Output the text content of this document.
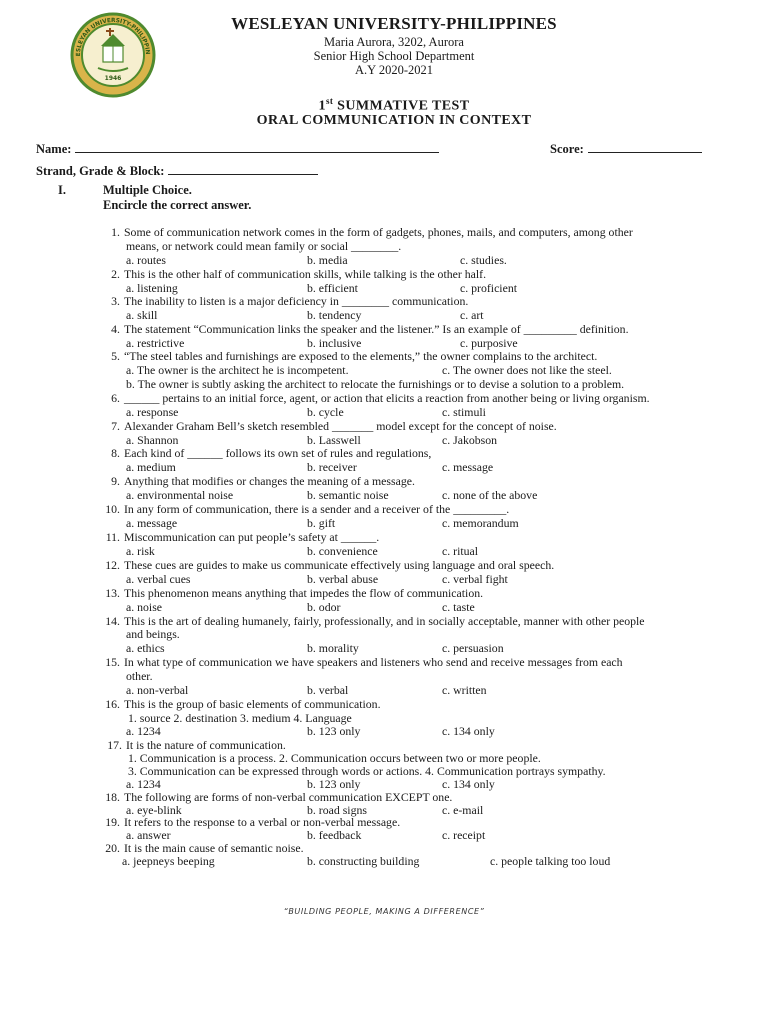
ESLEYAN UNIVERSITY-PHILIPPIN
1946
WESLEYAN UNIVERSITY-PHILIPPINES
Maria Aurora, 3202, Aurora
Senior High School Department
A.Y 2020-2021
1st SUMMATIVE TEST
ORAL COMMUNICATION IN CONTEXT
Name:	Score:
Strand, Grade & Block:
I.	Multiple Choice.
Encircle the correct answer.
1. Some of communication network comes in the form of gadgets, phones, mails, and computers, among other
means, or network could mean family or social ________.
a. routes	b. media	c. studies.
2. This is the other half of communication skills, while talking is the other half.
a. listening	b. efficient	c. proficient
3. The inability to listen is a major deficiency in ________ communication.
a. skill	b. tendency	c. art
4. The statement “Communication links the speaker and the listener.” Is an example of _________ definition.
a. restrictive	b. inclusive	c. purposive
5. “The steel tables and furnishings are exposed to the elements,” the owner complains to the architect.
a. The owner is the architect he is incompetent.	c. The owner does not like the steel.
b. The owner is subtly asking the architect to relocate the furnishings or to devise a solution to a problem.
6. ______ pertains to an initial force, agent, or action that elicits a reaction from another being or living organism.
a. response	b. cycle	c. stimuli
7. Alexander Graham Bell’s sketch resembled _______ model except for the concept of noise.
a. Shannon	b. Lasswell	c. Jakobson
8. Each kind of ______ follows its own set of rules and regulations,
a. medium	b. receiver	c. message
9. Anything that modifies or changes the meaning of a message.
a. environmental noise	b. semantic noise	c. none of the above
10. In any form of communication, there is a sender and a receiver of the _________.
a. message	b. gift	c. memorandum
11. Miscommunication can put people’s safety at ______.
a. risk	b. convenience	c. ritual
12. These cues are guides to make us communicate effectively using language and oral speech.
a. verbal cues	b. verbal abuse	c. verbal fight
13. This phenomenon means anything that impedes the flow of communication.
a. noise	b. odor	c. taste
14. This is the art of dealing humanely, fairly, professionally, and in socially acceptable, manner with other people
and beings.
a. ethics	b. morality	c. persuasion
15. In what type of communication we have speakers and listeners who send and receive messages from each
other.
a. non-verbal	b. verbal	c. written
16. This is the group of basic elements of communication.
1. source 2. destination 3. medium 4. Language
a. 1234	b. 123 only	c. 134 only
17. It is the nature of communication.
1. Communication is a process. 2. Communication occurs between two or more people.
3. Communication can be expressed through words or actions. 4. Communication portrays sympathy.
a. 1234	b. 123 only	c. 134 only
18. The following are forms of non-verbal communication EXCEPT one.
a. eye-blink	b. road signs	c. e-mail
19. It refers to the response to a verbal or non-verbal message.
a. answer	b. feedback	c. receipt
20. It is the main cause of semantic noise.
a. jeepneys beeping	b. constructing building	c. people talking too loud
“BUILDING PEOPLE, MAKING A DIFFERENCE”
